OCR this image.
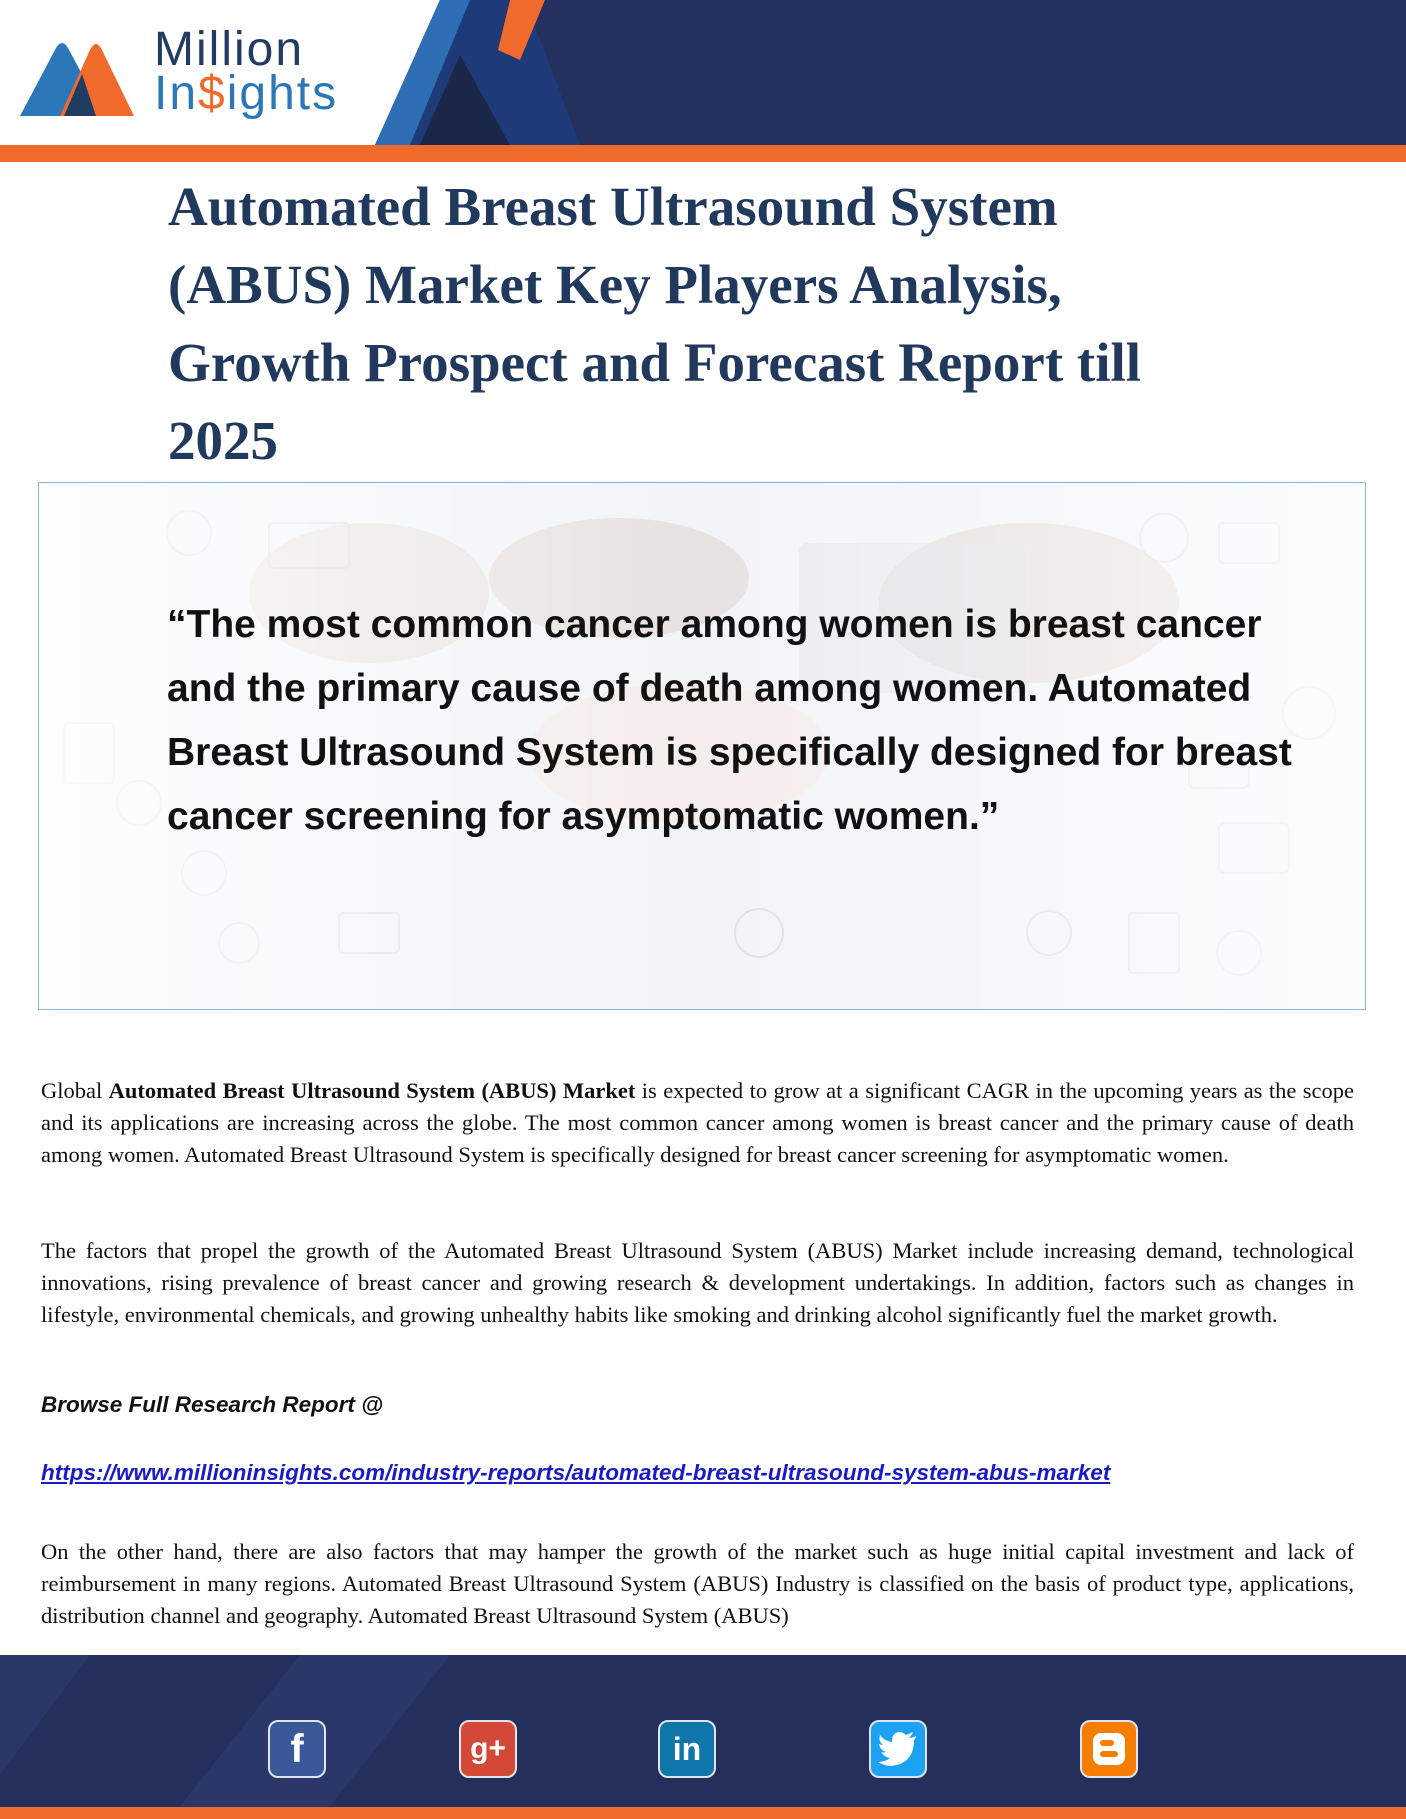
Million
In$ights
Automated Breast Ultrasound System (ABUS) Market Key Players Analysis, Growth Prospect and Forecast Report till 2025

“The most common cancer among women is breast cancer and the primary cause of death among women. Automated Breast Ultrasound System is specifically designed for breast cancer screening for asymptomatic women.”

Global Automated Breast Ultrasound System (ABUS) Market is expected to grow at a significant CAGR in the upcoming years as the scope and its applications are increasing across the globe. The most common cancer among women is breast cancer and the primary cause of death among women. Automated Breast Ultrasound System is specifically designed for breast cancer screening for asymptomatic women.

The factors that propel the growth of the Automated Breast Ultrasound System (ABUS) Market include increasing demand, technological innovations, rising prevalence of breast cancer and growing research & development undertakings. In addition, factors such as changes in lifestyle, environmental chemicals, and growing unhealthy habits like smoking and drinking alcohol significantly fuel the market growth.

Browse Full Research Report @

https://www.millioninsights.com/industry-reports/automated-breast-ultrasound-system-abus-market

On the other hand, there are also factors that may hamper the growth of the market such as huge initial capital investment and lack of reimbursement in many regions. Automated Breast Ultrasound System (ABUS) Industry is classified on the basis of product type, applications, distribution channel and geography. Automated Breast Ultrasound System (ABUS)

f	g+	in
